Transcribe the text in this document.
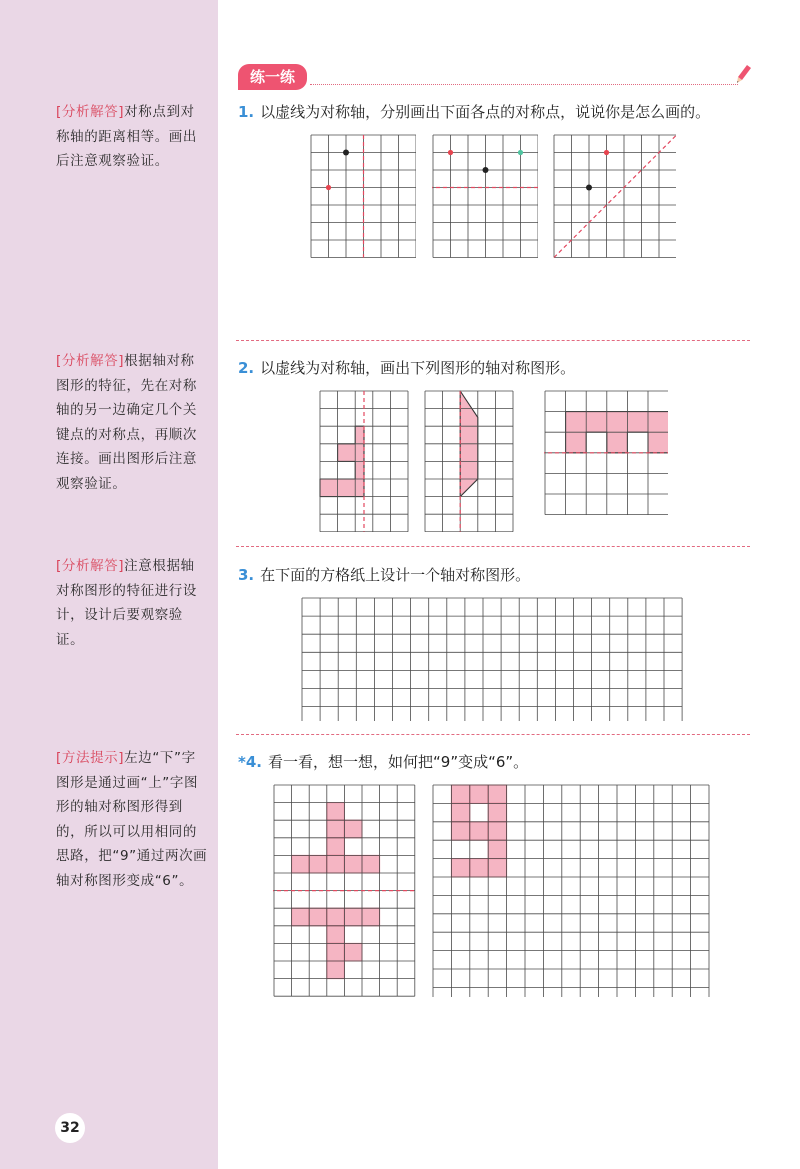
[分析解答]对称点到对称轴的距离相等。画出后注意观察验证。
[分析解答]根据轴对称图形的特征，先在对称轴的另一边确定几个关键点的对称点，再顺次连接。画出图形后注意观察验证。
[分析解答]注意根据轴对称图形的特征进行设计，设计后要观察验证。
[方法提示]左边“下”字图形是通过画“上”字图形的轴对称图形得到的，所以可以用相同的思路，把“9”通过两次画轴对称图形变成“6”。
32
练一练
1. 以虚线为对称轴，分别画出下面各点的对称点，说说你是怎么画的。
2. 以虚线为对称轴，画出下列图形的轴对称图形。
3. 在下面的方格纸上设计一个轴对称图形。
*4. 看一看，想一想，如何把“9”变成“6”。
